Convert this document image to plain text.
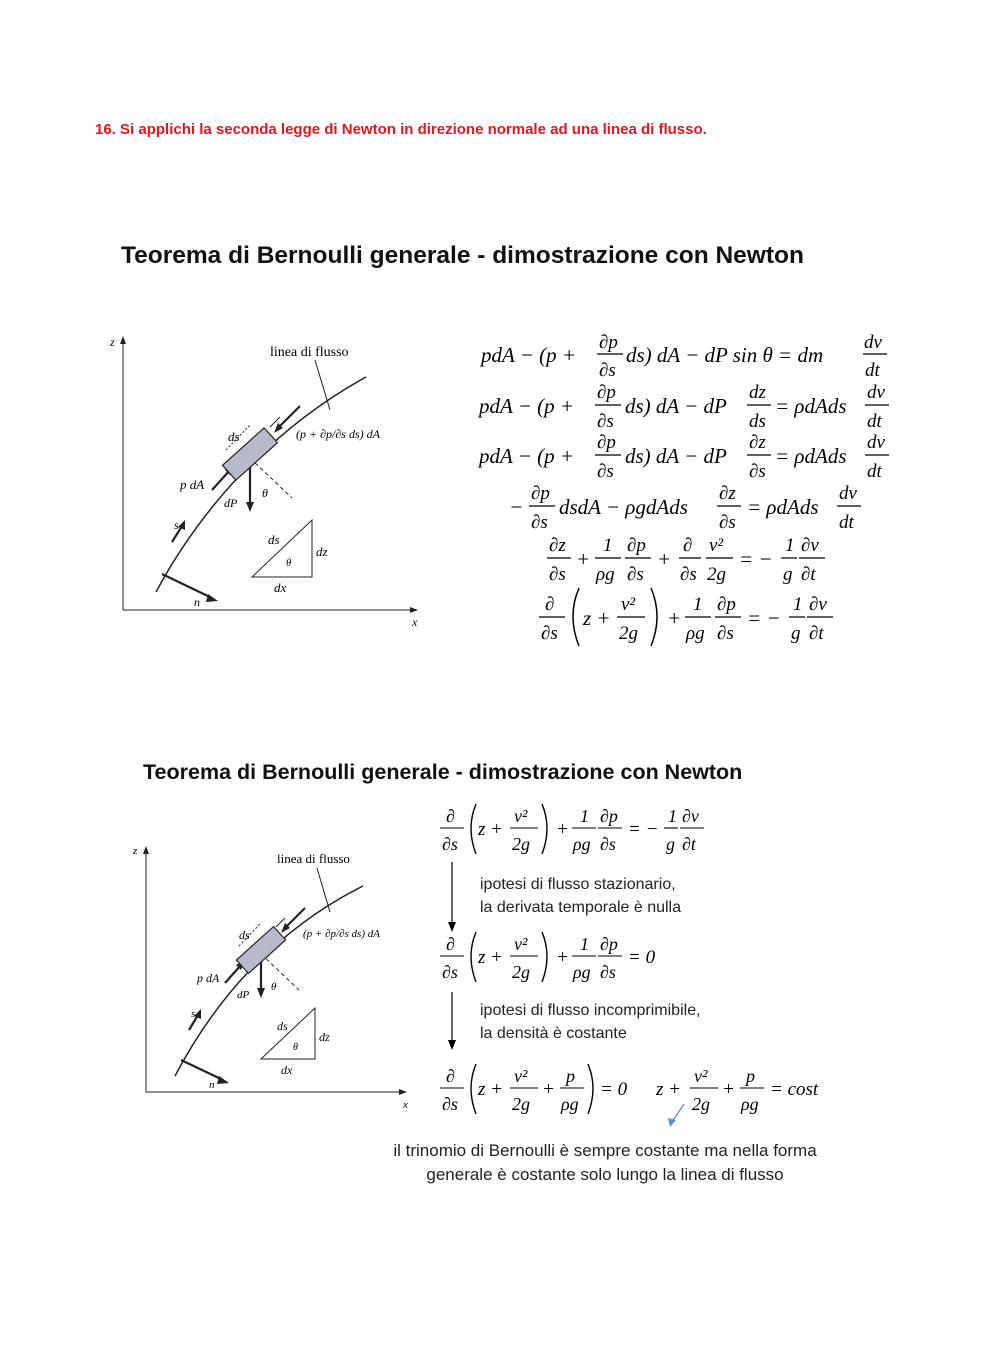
16. Si applichi la seconda legge di Newton in direzione normale ad una linea di flusso.
Teorema di Bernoulli generale - dimostrazione con Newton
z
x
linea di flusso
ds
p dA
dP
θ
s
n
ds
dz
dx
θ
(p + ∂p/∂s ds) dA
pdA − (p +
∂p
∂s
ds) dA − dP sin θ = dm
dv
dt
pdA − (p +
∂p
∂s
ds) dA − dP
dz
ds
= ρdAds
dv
dt
pdA − (p +
∂p
∂s
ds) dA − dP
∂z
∂s
= ρdAds
dv
dt
−
∂p
∂s
dsdA − ρgdAds
∂z
∂s
= ρdAds
dv
dt
∂z
∂s
+
1
ρg
∂p
∂s
+
∂
∂s
v²
2g
= −
1
g
∂v
∂t
∂
∂s
z +
v²
2g
+
1
ρg
∂p
∂s
= −
1
g
∂v
∂t
Teorema di Bernoulli generale - dimostrazione con Newton
z
x
linea di flusso
ds
p dA
dP
θ
s
n
ds
dz
dx
θ
(p + ∂p/∂s ds) dA
∂
∂s
z +
v²
2g
+
1
ρg
∂p
∂s
= −
1
g
∂v
∂t
∂
∂s
z +
v²
2g
+
1
ρg
∂p
∂s
= 0
∂
∂s
z +
v²
2g
+
p
ρg
= 0 z +
v²
2g
+
p
ρg
= cost
ipotesi di flusso stazionario,
la derivata temporale è nulla
ipotesi di flusso incomprimibile,
la densità è costante
il trinomio di Bernoulli è sempre costante ma nella forma
generale è costante solo lungo la linea di flusso
